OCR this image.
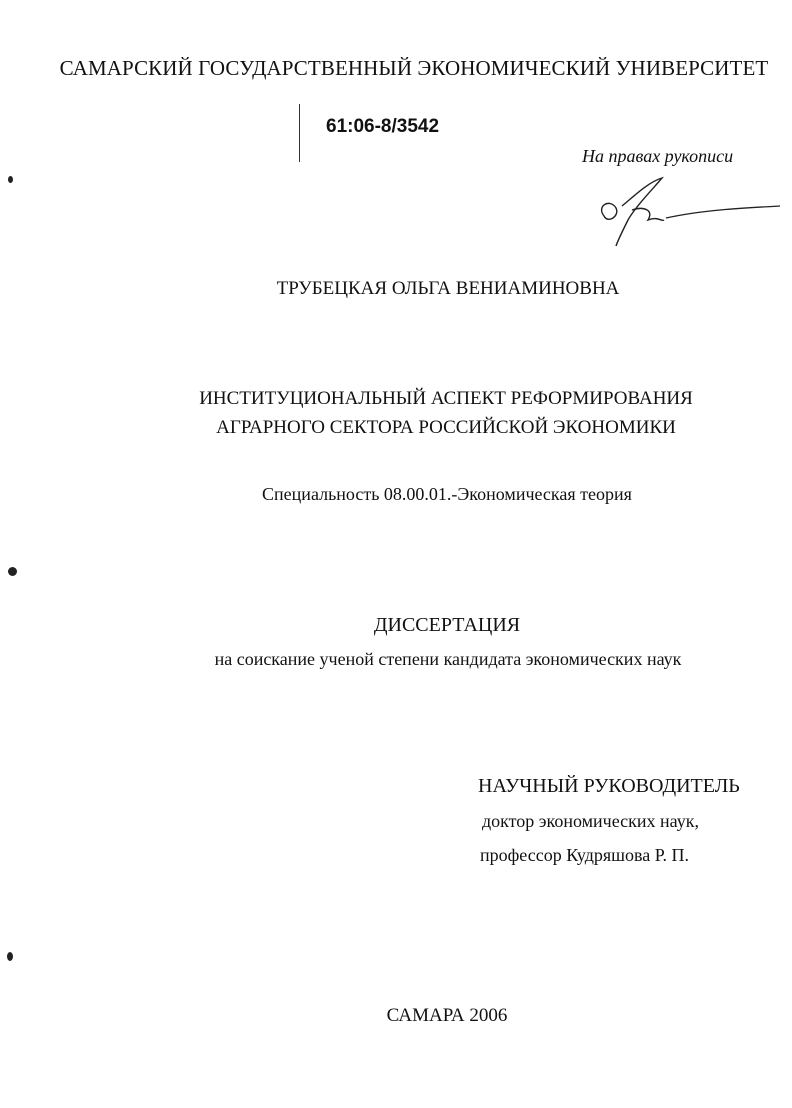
САМАРСКИЙ ГОСУДАРСТВЕННЫЙ ЭКОНОМИЧЕСКИЙ УНИВЕРСИТЕТ
61:06-8/3542
На правах рукописи
ТРУБЕЦКАЯ ОЛЬГА ВЕНИАМИНОВНА
ИНСТИТУЦИОНАЛЬНЫЙ АСПЕКТ РЕФОРМИРОВАНИЯ
АГРАРНОГО СЕКТОРА РОССИЙСКОЙ ЭКОНОМИКИ
Специальность 08.00.01.-Экономическая теория
ДИССЕРТАЦИЯ
на соискание ученой степени кандидата экономических наук
НАУЧНЫЙ РУКОВОДИТЕЛЬ
доктор экономических наук,
профессор Кудряшова Р. П.
САМАРА 2006
